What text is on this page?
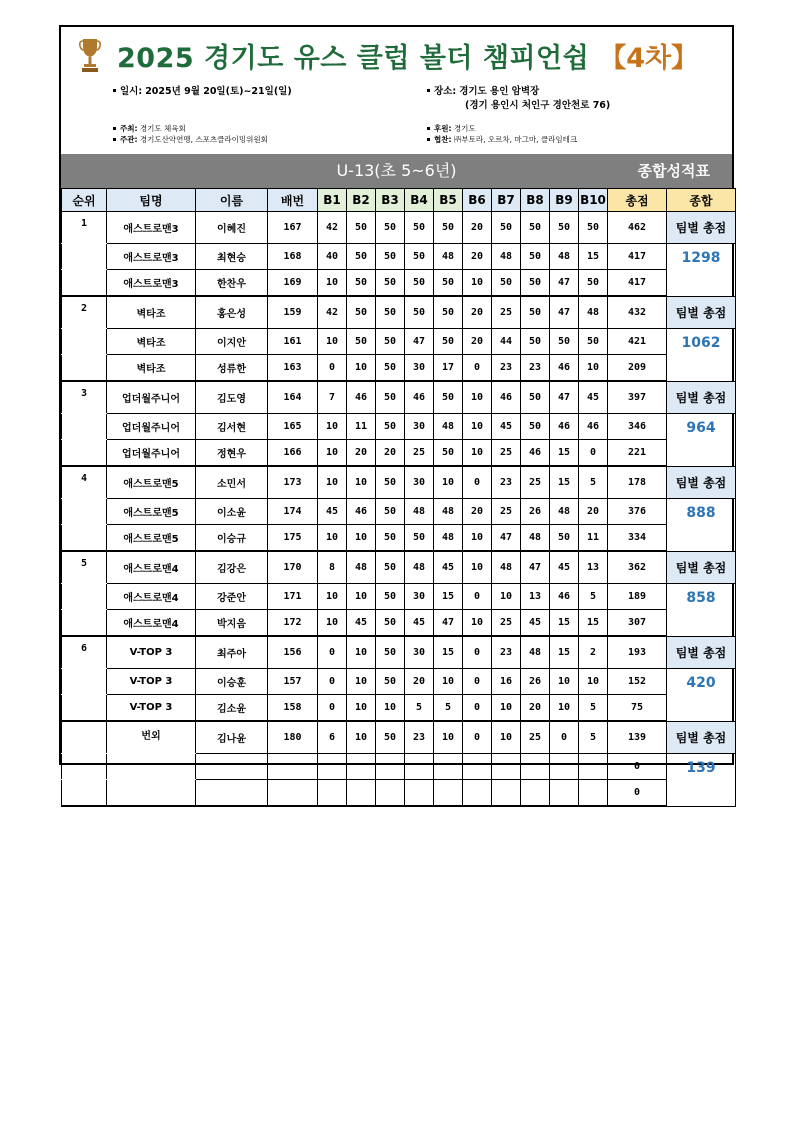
2025 경기도 유스 클럽 볼더 챔피언쉽 【4차】
일시: 2025년 9월 20일(토)~21일(일)	장소: 경기도 용인 암벽장
(경기 용인시 처인구 경안천로 76)
주최: 경기도 체육회
주관: 경기도산악연맹, 스포츠클라이밍위원회
후원: 경기도
협찬: ㈜부토라, 오르차, 마그마, 클라임테크
U-13(초 5~6년)	종합성적표
순위	팀명	이름	배번	B1	B2	B3	B4	B5	B6	B7	B8	B9	B10	총점	종합
1	애스트로맨3	이혜진	167	42	50	50	50	50	20	50	50	50	50	462	팀별 총점
	애스트로맨3	최현승	168	40	50	50	50	48	20	48	50	48	15	417	1298
	애스트로맨3	한찬우	169	10	50	50	50	50	10	50	50	47	50	417	
2	벽타조	홍은성	159	42	50	50	50	50	20	25	50	47	48	432	팀별 총점
	벽타조	이지안	161	10	50	50	47	50	20	44	50	50	50	421	1062
	벽타조	성류한	163	0	10	50	30	17	0	23	23	46	10	209	
3	업더월주니어	김도영	164	7	46	50	46	50	10	46	50	47	45	397	팀별 총점
	업더월주니어	김서현	165	10	11	50	30	48	10	45	50	46	46	346	964
	업더월주니어	정현우	166	10	20	20	25	50	10	25	46	15	0	221	
4	애스트로맨5	소민서	173	10	10	50	30	10	0	23	25	15	5	178	팀별 총점
	애스트로맨5	이소윤	174	45	46	50	48	48	20	25	26	48	20	376	888
	애스트로맨5	이승규	175	10	10	50	50	48	10	47	48	50	11	334	
5	애스트로맨4	김강은	170	8	48	50	48	45	10	48	47	45	13	362	팀별 총점
	애스트로맨4	강준안	171	10	10	50	30	15	0	10	13	46	5	189	858
	애스트로맨4	박지음	172	10	45	50	45	47	10	25	45	15	15	307	
6	V-TOP 3	최주아	156	0	10	50	30	15	0	23	48	15	2	193	팀별 총점
	V-TOP 3	이승훈	157	0	10	50	20	10	0	16	26	10	10	152	420
	V-TOP 3	김소윤	158	0	10	10	5	5	0	10	20	10	5	75	
	번외	김나윤	180	6	10	50	23	10	0	10	25	0	5	139	팀별 총점
														0	139
														0	
